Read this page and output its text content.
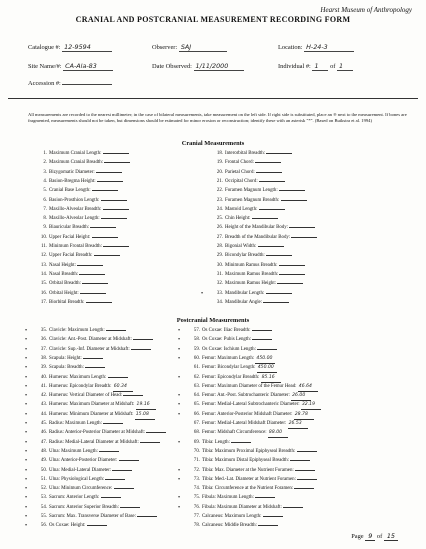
Hearst Museum of Anthropology
CRANIAL AND POSTCRANIAL MEASUREMENT RECORDING FORM
Catalogue #: 12-9594	Observer: SAJ	Location: H-24-3
Site Name/#: CA-Ala-83	Date Observed: 1/11/2000	Individual #: 1 of 1
Accession #:
All measurements are recorded to the nearest millimeter; in the case of bilateral measurements, take measurement on the left side. If right side is substituted, place an ® next to the measurement. If bones are fragmented, measurements should not be taken, but dimensions should be estimated for minor erosion or reconstruction; identify these with an asterisk "*". (Based on Buikstra et al. 1994)
Cranial Measurements
1. Maximum Cranial Length:
2. Maximum Cranial Breadth:
3. Bizygomatic Diameter:
4. Basion-Bregma Height:
5. Cranial Base Length:
6. Basion-Prosthion Length:
7. Maxillo-Alveolar Breadth:
8. Maxillo-Alveolar Length:
9. Biauricular Breadth:
10. Upper Facial Height:
11. Minimum Frontal Breadth:
12. Upper Facial Breadth:
13. Nasal Height:
14. Nasal Breadth:
15. Orbital Breadth:
16. Orbital Height:
17. Biorbital Breadth:
18. Interorbital Breadth:
19. Frontal Chord:
20. Parietal Chord:
21. Occipital Chord:
22. Foramen Magnum Length:
23. Foramen Magnum Breadth:
24. Mastoid Length:
25. Chin Height:
26. Height of the Mandibular Body:
27. Breadth of the Mandibular Body:
28. Bigonial Width:
29. Bicondylar Breadth:
30. Minimum Ramus Breadth:
31. Maximum Ramus Breadth:
32. Maximum Ramus Height:
•	33. Mandibular Length:
34. Mandibular Angle:
Postcranial Measurements
•	35. Clavicle: Maximum Length:
•	36. Clavicle: Ant.-Post. Diameter at Midshaft:
•	37. Clavicle: Sup.-Inf. Diameter at Midshaft:
•	38. Scapula: Height:
•	39. Scapula: Breadth:
•	40. Humerus: Maximum Length:
•	41. Humerus: Epicondylar Breadth: 60.34
•	42. Humerus: Vertical Diameter of Head:
•	43. Humerus: Maximum Diameter at Midshaft: 19.16
•	44. Humerus: Minimum Diameter at Midshaft: 15.08
•	45. Radius: Maximum Length:
•	46. Radius: Anterior-Posterior Diameter at Midshaft:
•	47. Radius: Medial-Lateral Diameter at Midshaft:
•	48. Ulna: Maximum Length:
•	49. Ulna: Anterior-Posterior Diameter:
•	50. Ulna: Medial-Lateral Diameter:
•	51. Ulna: Physiological Length:
•	52. Ulna: Minimum Circumference:
•	53. Sacrum: Anterior Length:
•	54. Sacrum: Anterior Superior Breadth:
•	55. Sacrum: Max. Transverse Diameter of Base:
•	56. Os Coxae: Height:
•	57. Os Coxae: Iliac Breadth:
•	58. Os Coxae: Pubis Length:
•	59. Os Coxae: Ischium Length:
•	60. Femur: Maximum Length: 450.00
61. Femur: Bicondylar Length: 450.00
•	62. Femur: Epicondylar Breadth: 85.16
63. Femur: Maximum Diameter of the Femur Head: 46.64
•	64. Femur: Ant.-Post. Subtrochanteric Diameter: 26.00
•	65. Femur: Medial-Lateral Subtrochanteric Diameter: 32.19
•	66. Femur: Anterior-Posterior Midshaft Diameter: 28.78
67. Femur: Medial-Lateral Midshaft Diameter: 26.53
68. Femur: Midshaft Circumference: 88.00
•	69. Tibia: Length:
70. Tibia: Maximum Proximal Epiphyseal Breadth:
71. Tibia: Maximum Distal Epiphyseal Breadth:
•	72. Tibia: Max. Diameter at the Nutrient Foramen:
•	73. Tibia: Med.-Lat. Diameter at Nutrient Foramen:
74. Tibia: Circumference at the Nutrient Foramen:
•	75. Fibula: Maximum Length:
•	76. Fibula: Maximum Diameter at Midshaft:
77. Calcaneus: Maximum Length:
78. Calcaneus: Middle Breadth:
Page 9 of 15
